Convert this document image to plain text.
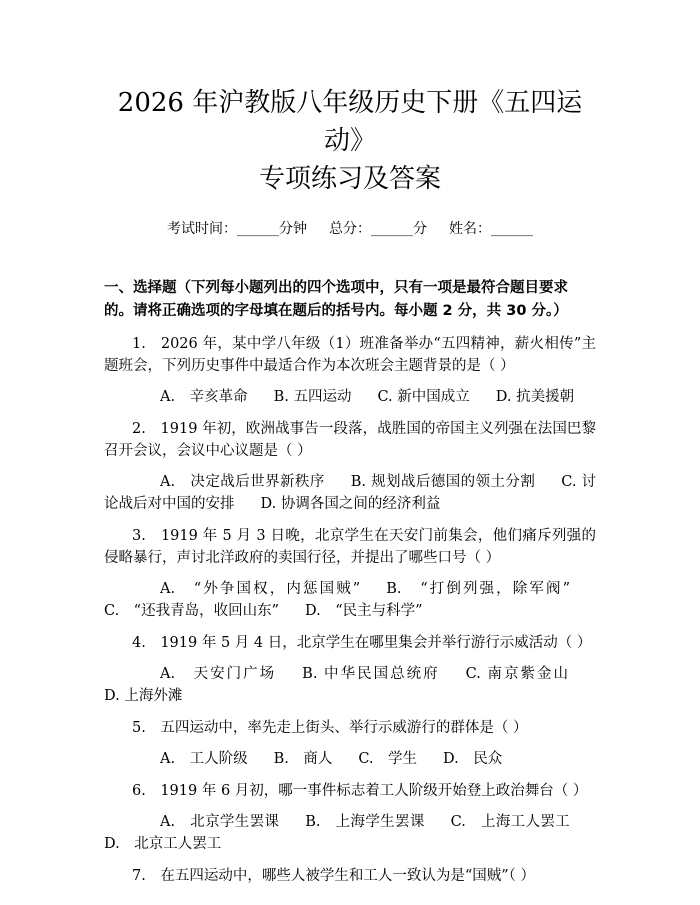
2026 年沪教版八年级历史下册《五四运动》
专项练习及答案
考试时间：______分钟 总分：______分 姓名：______
一、选择题（下列每小题列出的四个选项中，只有一项是最符合题目要求的。请将正确选项的字母填在题后的括号内。每小题 2 分，共 30 分。）
1.　2026 年，某中学八年级（1）班准备举办“五四精神，薪火相传”主题班会，下列历史事件中最适合作为本次班会主题背景的是（ ）
A.　辛亥革命 B. 五四运动 C. 新中国成立 D. 抗美援朝
2.　1919 年初，欧洲战事告一段落，战胜国的帝国主义列强在法国巴黎召开会议，会议中心议题是（ ）
A.　决定战后世界新秩序 B. 规划战后德国的领土分割 C. 讨论战后对中国的安排 D. 协调各国之间的经济利益
3.　1919 年 5 月 3 日晚，北京学生在天安门前集会，他们痛斥列强的侵略暴行，声讨北洋政府的卖国行径，并提出了哪些口号（ ）
A.　“外争国权，内惩国贼” B.　“打倒列强，除军阀”C.　“还我青岛，收回山东” D.　“民主与科学”
4.　1919 年 5 月 4 日，北京学生在哪里集会并举行游行示威活动（ ）
A.　天安门广场 B. 中华民国总统府 C. 南京紫金山D. 上海外滩
5.　五四运动中，率先走上街头、举行示威游行的群体是（ ）
A.　工人阶级 B.　商人 C.　学生 D.　民众
6.　1919 年 6 月初，哪一事件标志着工人阶级开始登上政治舞台（ ）
A.　北京学生罢课 B.　上海学生罢课 C.　上海工人罢工D.　北京工人罢工
7.　在五四运动中，哪些人被学生和工人一致认为是“国贼”（ ）
